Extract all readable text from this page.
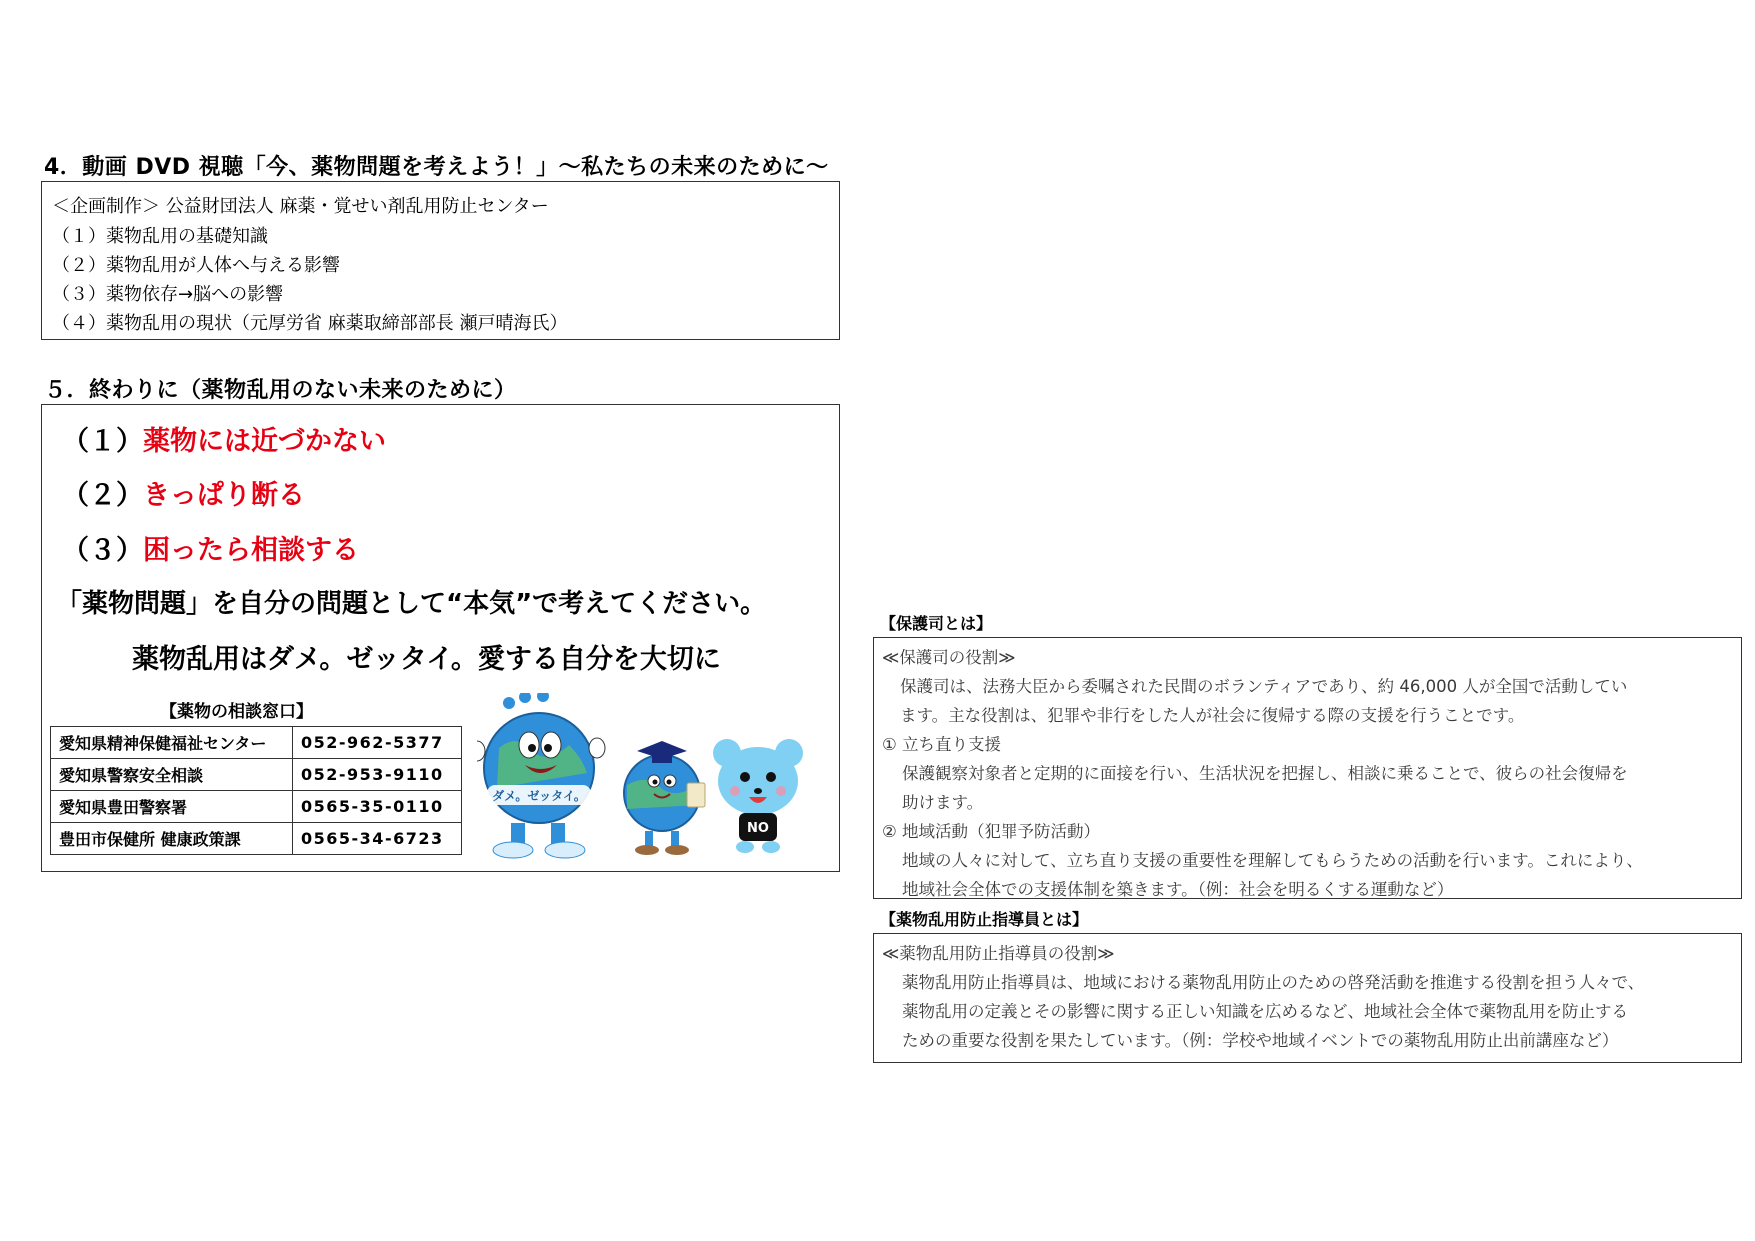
4．動画 DVD 視聴「今、薬物問題を考えよう！」～私たちの未来のために～
＜企画制作＞ 公益財団法人 麻薬・覚せい剤乱用防止センター
（１）薬物乱用の基礎知識
（２）薬物乱用が人体へ与える影響
（３）薬物依存→脳への影響
（４）薬物乱用の現状（元厚労省 麻薬取締部部長 瀬戸晴海氏）
５．終わりに（薬物乱用のない未来のために）
（１）薬物には近づかない
（２）きっぱり断る
（３）困ったら相談する
「薬物問題」を自分の問題として“本気”で考えてください。
薬物乱用はダメ。ゼッタイ。愛する自分を大切に
【薬物の相談窓口】
愛知県精神保健福祉センター	052-962-5377
愛知県警察安全相談	052-953-9110
愛知県豊田警察署	0565-35-0110
豊田市保健所 健康政策課	0565-34-6723
ダメ。ゼッタイ。
NO
【保護司とは】
≪保護司の役割≫
保護司は、法務大臣から委嘱された民間のボランティアであり、約 46,000 人が全国で活動してい
ます。主な役割は、犯罪や非行をした人が社会に復帰する際の支援を行うことです。
① 立ち直り支援
保護観察対象者と定期的に面接を行い、生活状況を把握し、相談に乗ることで、彼らの社会復帰を
助けます。
② 地域活動（犯罪予防活動）
地域の人々に対して、立ち直り支援の重要性を理解してもらうための活動を行います。これにより、
地域社会全体での支援体制を築きます。（例：社会を明るくする運動など）
【薬物乱用防止指導員とは】
≪薬物乱用防止指導員の役割≫
薬物乱用防止指導員は、地域における薬物乱用防止のための啓発活動を推進する役割を担う人々で、
薬物乱用の定義とその影響に関する正しい知識を広めるなど、地域社会全体で薬物乱用を防止する
ための重要な役割を果たしています。（例：学校や地域イベントでの薬物乱用防止出前講座など）
